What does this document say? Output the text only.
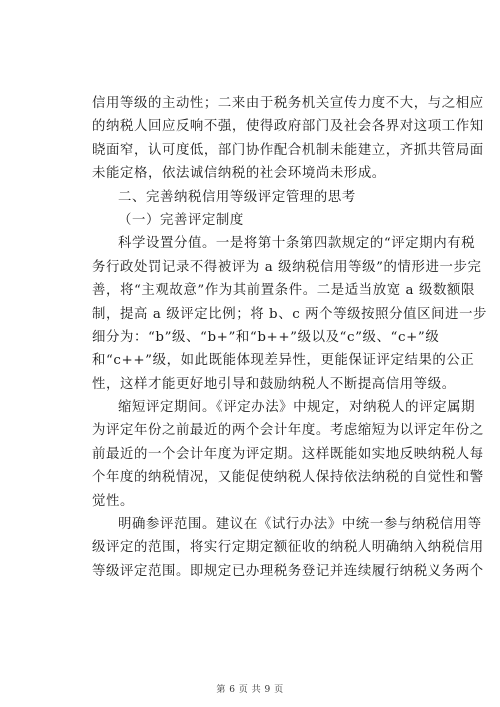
信用等级的主动性；二来由于税务机关宣传力度不大，与之相应
的纳税人回应反响不强，使得政府部门及社会各界对这项工作知
晓面窄，认可度低，部门协作配合机制未能建立，齐抓共管局面
未能定格，依法诚信纳税的社会环境尚未形成。
二、完善纳税信用等级评定管理的思考
（一）完善评定制度
科学设置分值。一是将第十条第四款规定的“评定期内有税
务行政处罚记录不得被评为 a 级纳税信用等级”的情形进一步完
善，将“主观故意”作为其前置条件。二是适当放宽 a 级数额限
制，提高 a 级评定比例；将 b、c 两个等级按照分值区间进一步
细分为：“b”级、“b+”和“b++”级以及“c”级、“c+”级
和“c++”级，如此既能体现差异性，更能保证评定结果的公正
性，这样才能更好地引导和鼓励纳税人不断提高信用等级。
缩短评定期间。《评定办法》中规定，对纳税人的评定属期
为评定年份之前最近的两个会计年度。考虑缩短为以评定年份之
前最近的一个会计年度为评定期。这样既能如实地反映纳税人每
个年度的纳税情况，又能促使纳税人保持依法纳税的自觉性和警
觉性。
明确参评范围。建议在《试行办法》中统一参与纳税信用等
级评定的范围，将实行定期定额征收的纳税人明确纳入纳税信用
等级评定范围。即规定已办理税务登记并连续履行纳税义务两个
第 6 页 共 9 页
